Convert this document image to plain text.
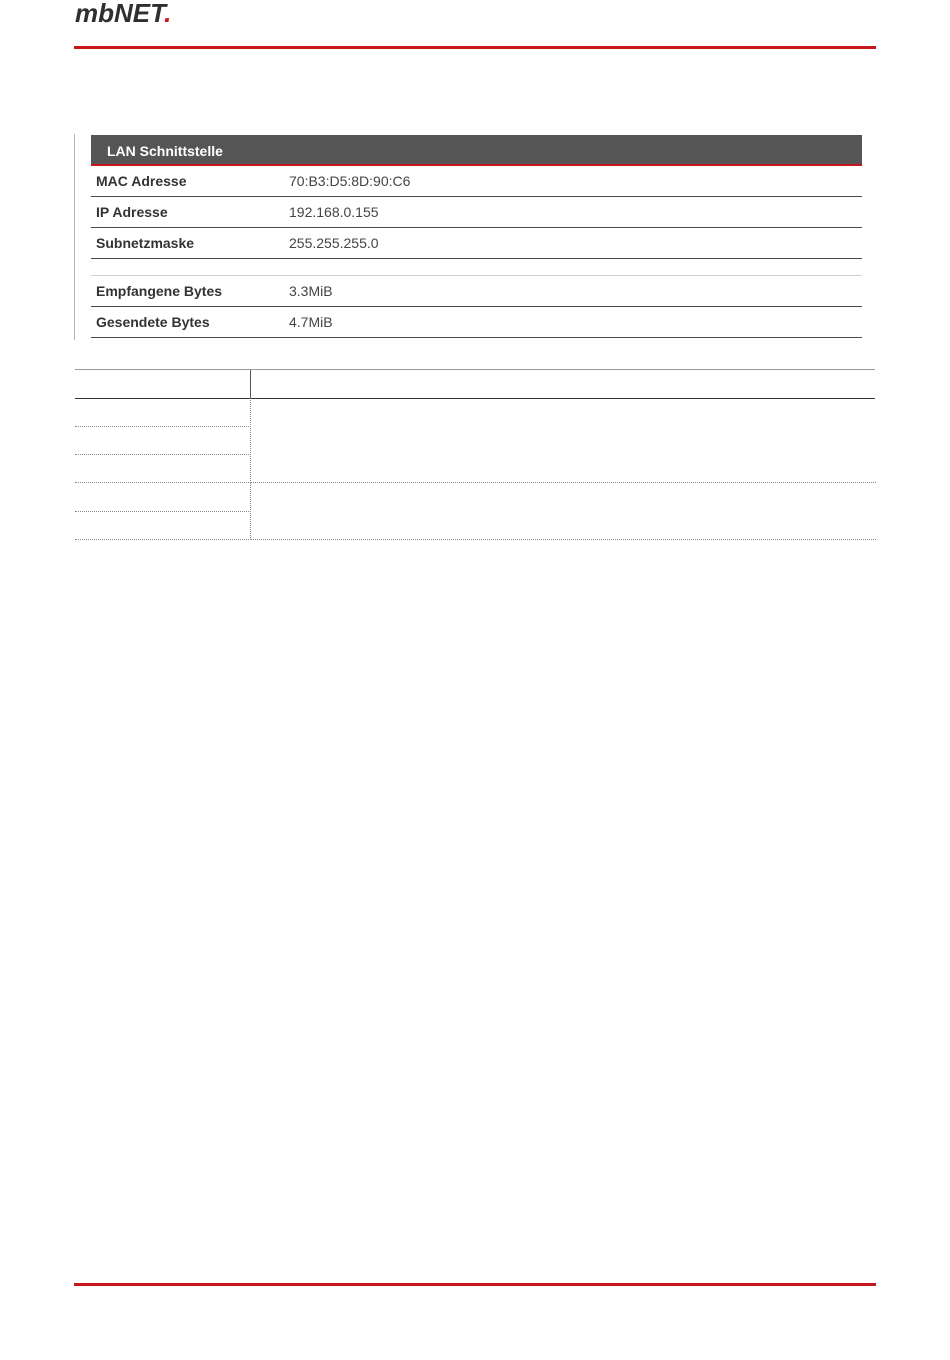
mbNET.
LAN Schnittstelle
MAC Adresse	70:B3:D5:8D:90:C6
IP Adresse	192.168.0.155
Subnetzmaske	255.255.255.0
Empfangene Bytes	3.3MiB
Gesendete Bytes	4.7MiB
